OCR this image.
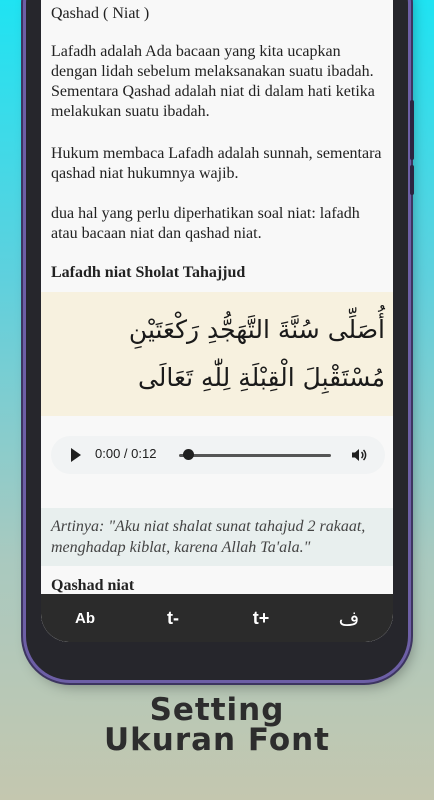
Qashad ( Niat )

Lafadh adalah Ada bacaan yang kita ucapkan dengan lidah sebelum melaksanakan suatu ibadah. Sementara Qashad adalah niat di dalam hati ketika melakukan suatu ibadah.

Hukum membaca Lafadh adalah sunnah, sementara qashad niat hukumnya wajib.

dua hal yang perlu diperhatikan soal niat: lafadh atau bacaan niat dan qashad niat.

Lafadh niat Sholat Tahajjud

أُصَلِّى سُنَّةَ التَّهَجُّدِ رَكْعَتَيْنِ مُسْتَقْبِلَ الْقِبْلَةِ لِلّٰهِ تَعَالَى
0:00 / 0:12

Artinya: "Aku niat shalat sunat tahajud 2 rakaat, menghadap kiblat, karena Allah Ta'ala."

Qashad niat

Ab	t-	t+	ف
Setting
Ukuran Font
